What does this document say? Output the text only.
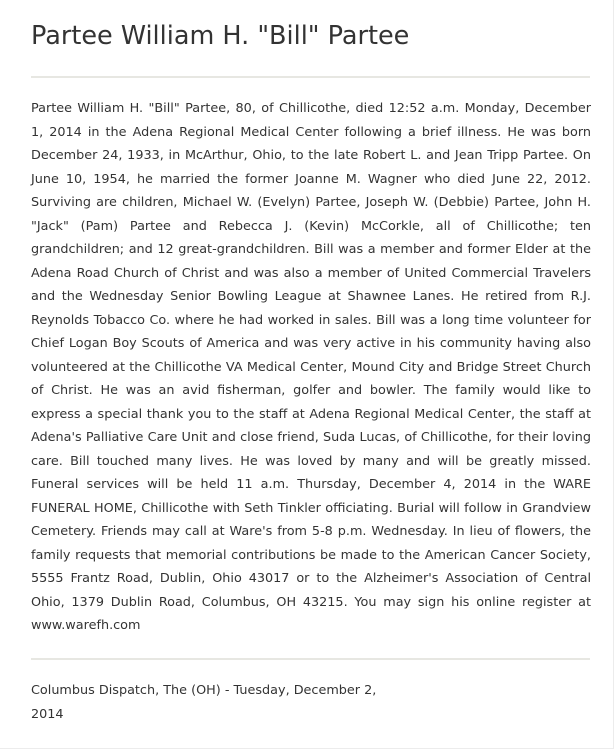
Partee William H. "Bill" Partee

Partee William H. "Bill" Partee, 80, of Chillicothe, died 12:52 a.m. Monday, December 1, 2014 in the Adena Regional Medical Center following a brief illness. He was born December 24, 1933, in McArthur, Ohio, to the late Robert L. and Jean Tripp Partee. On June 10, 1954, he married the former Joanne M. Wagner who died June 22, 2012. Surviving are children, Michael W. (Evelyn) Partee, Joseph W. (Debbie) Partee, John H. "Jack" (Pam) Partee and Rebecca J. (Kevin) McCorkle, all of Chillicothe; ten grandchildren; and 12 great-grandchildren. Bill was a member and former Elder at the Adena Road Church of Christ and was also a member of United Commercial Travelers and the Wednesday Senior Bowling League at Shawnee Lanes. He retired from R.J. Reynolds Tobacco Co. where he had worked in sales. Bill was a long time volunteer for Chief Logan Boy Scouts of America and was very active in his community having also volunteered at the Chillicothe VA Medical Center, Mound City and Bridge Street Church of Christ. He was an avid fisherman, golfer and bowler. The family would like to express a special thank you to the staff at Adena Regional Medical Center, the staff at Adena's Palliative Care Unit and close friend, Suda Lucas, of Chillicothe, for their loving care. Bill touched many lives. He was loved by many and will be greatly missed. Funeral services will be held 11 a.m. Thursday, December 4, 2014 in the WARE FUNERAL HOME, Chillicothe with Seth Tinkler officiating. Burial will follow in Grandview Cemetery. Friends may call at Ware's from 5-8 p.m. Wednesday. In lieu of flowers, the family requests that memorial contributions be made to the American Cancer Society, 5555 Frantz Road, Dublin, Ohio 43017 or to the Alzheimer's Association of Central Ohio, 1379 Dublin Road, Columbus, OH 43215. You may sign his online register at www.warefh.com

Columbus Dispatch, The (OH) - Tuesday, December 2,
2014
